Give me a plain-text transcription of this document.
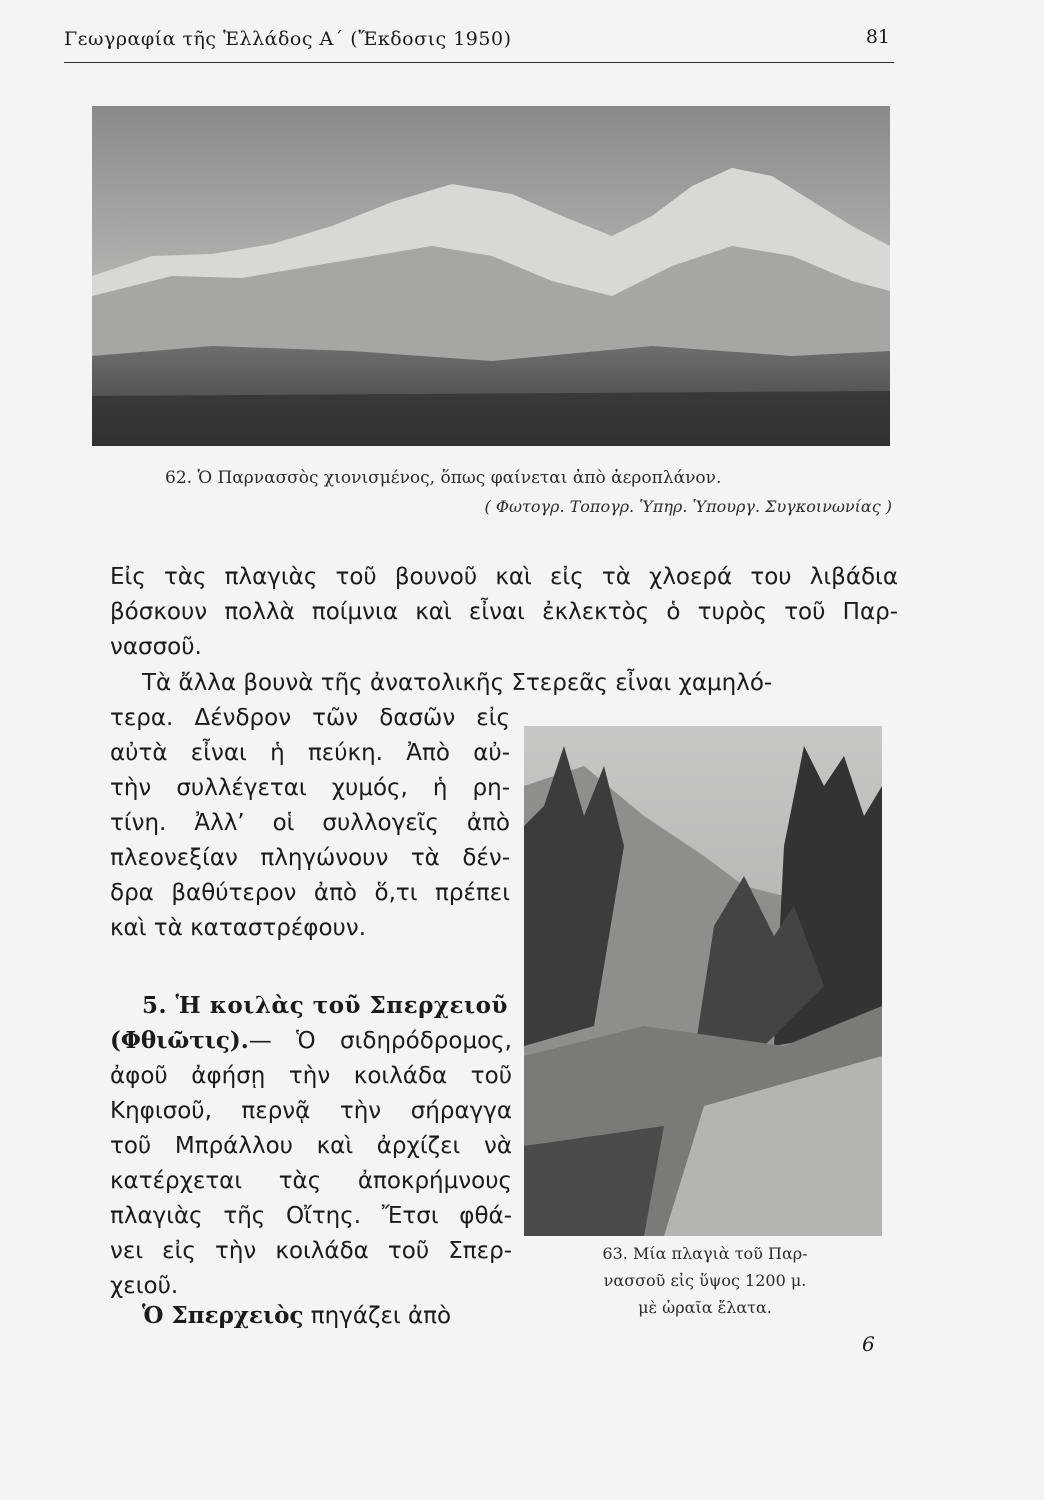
Γεωγραφία τῆς Ἑλλάδος Α´ (Ἔκδοσις 1950)	81
62. Ὁ Παρνασσὸς χιονισμένος, ὅπως φαίνεται ἀπὸ ἀεροπλάνον.
( Φωτογρ. Τοπογρ. Ὑπηρ. Ὑπουργ. Συγκοινωνίας )
Εἰς τὰς πλαγιὰς τοῦ βουνοῦ καὶ εἰς τὰ χλοερά του λιβάδια
βόσκουν πολλὰ ποίμνια καὶ εἶναι ἐκλεκτὸς ὁ τυρὸς τοῦ Παρ-
νασσοῦ.
Τὰ ἄλλα βουνὰ τῆς ἀνατολικῆς Στερεᾶς εἶναι χαμηλό-
τερα. Δένδρον τῶν δασῶν εἰς
αὐτὰ εἶναι ἡ πεύκη. Ἀπὸ αὐ-
τὴν συλλέγεται χυμός, ἡ ρη-
τίνη. Ἀλλ’ οἱ συλλογεῖς ἀπὸ
πλεονεξίαν πληγώνουν τὰ δέν-
δρα βαθύτερον ἀπὸ ὅ,τι πρέπει
καὶ τὰ καταστρέφουν.
63. Μία πλαγιὰ τοῦ Παρ-
νασσοῦ εἰς ὕψος 1200 μ.
μὲ ὡραῖα ἔλατα.
5. Ἡ κοιλὰς τοῦ Σπερχειοῦ
(Φθιῶτις).— Ὁ σιδηρόδρομος,
ἀφοῦ ἀφήσῃ τὴν κοιλάδα τοῦ
Κηφισοῦ, περνᾷ τὴν σήραγγα
τοῦ Μπράλλου καὶ ἀρχίζει νὰ
κατέρχεται τὰς ἀποκρήμνους
πλαγιὰς τῆς Οἴτης. Ἔτσι φθά-
νει εἰς τὴν κοιλάδα τοῦ Σπερ-
χειοῦ.
Ὁ Σπερχειὸς πηγάζει ἀπὸ
6
